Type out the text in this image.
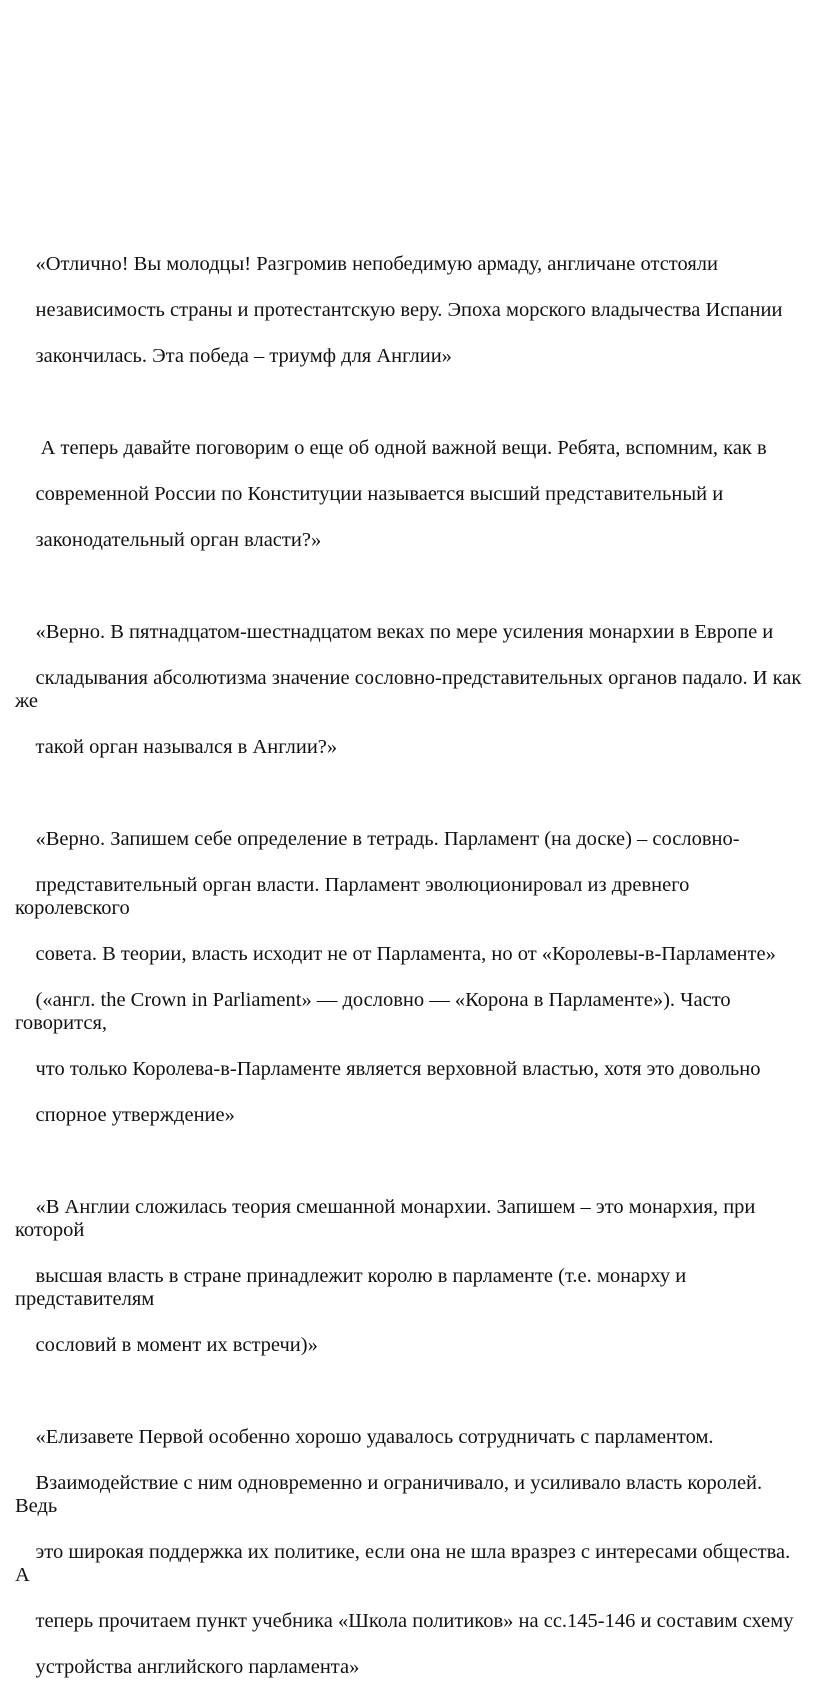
«Отлично! Вы молодцы! Разгромив непобедимую армаду, англичане отстояли

независимость страны и протестантскую веру. Эпоха морского владычества Испании

закончилась. Эта победа – триумф для Англии»

А теперь давайте поговорим о еще об одной важной вещи. Ребята, вспомним, как в

современной России по Конституции называется высший представительный и

законодательный орган власти?»

«Верно. В пятнадцатом-шестнадцатом веках по мере усиления монархии в Европе и

складывания абсолютизма значение сословно-представительных органов падало. И как же

такой орган назывался в Англии?»

«Верно. Запишем себе определение в тетрадь. Парламент (на доске) – сословно-

представительный орган власти. Парламент эволюционировал из древнего королевского

совета. В теории, власть исходит не от Парламента, но от «Королевы-в-Парламенте»

(«англ. the Crown in Parliament» — дословно — «Корона в Парламенте»). Часто говорится,

что только Королева-в-Парламенте является верховной властью, хотя это довольно

спорное утверждение»

«В Англии сложилась теория смешанной монархии. Запишем – это монархия, при которой

высшая власть в стране принадлежит королю в парламенте (т.е. монарху и представителям

сословий в момент их встречи)»

«Елизавете Первой особенно хорошо удавалось сотрудничать с парламентом.

Взаимодействие с ним одновременно и ограничивало, и усиливало власть королей. Ведь

это широкая поддержка их политике, если она не шла вразрез с интересами общества. А

теперь прочитаем пункт учебника «Школа политиков» на сс.145-146 и составим схему

устройства английского парламента»
